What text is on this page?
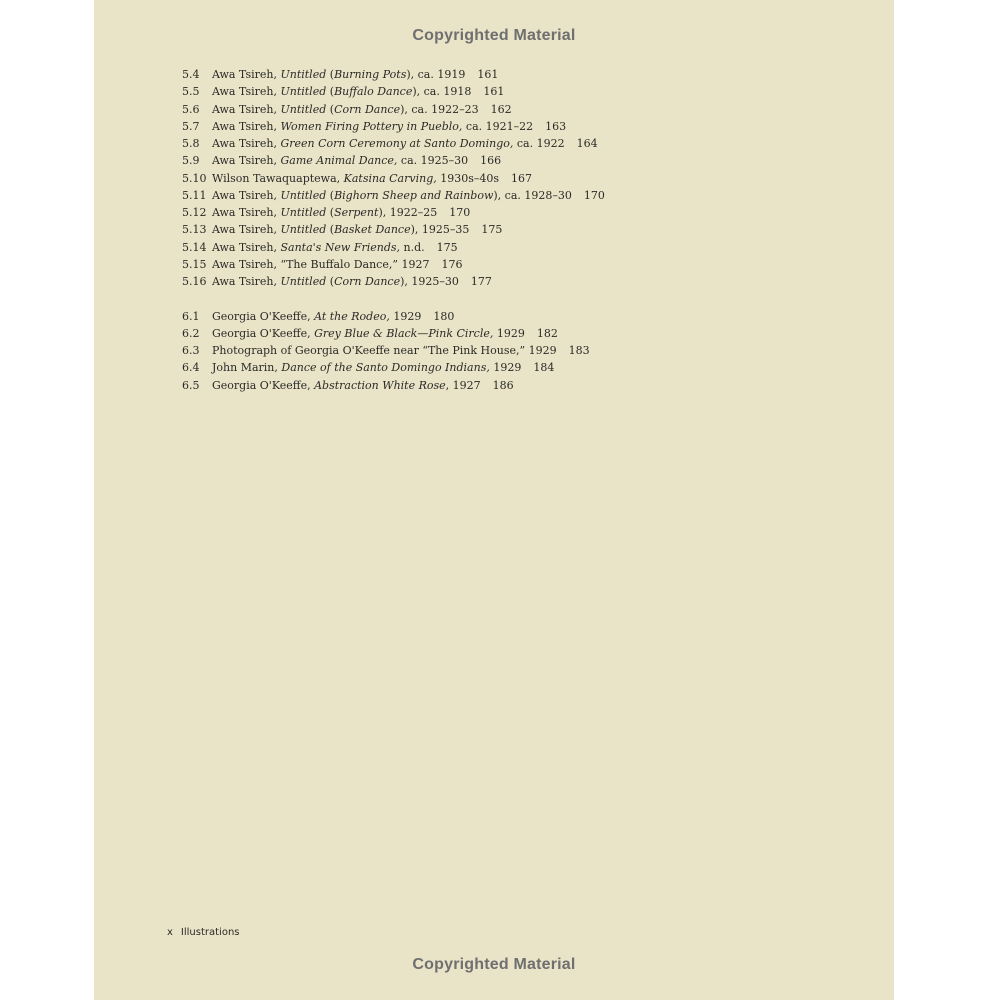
Copyrighted Material
5.4	Awa Tsireh, Untitled (Burning Pots), ca. 1919 161
5.5	Awa Tsireh, Untitled (Buffalo Dance), ca. 1918 161
5.6	Awa Tsireh, Untitled (Corn Dance), ca. 1922–23 162
5.7	Awa Tsireh, Women Firing Pottery in Pueblo, ca. 1921–22 163
5.8	Awa Tsireh, Green Corn Ceremony at Santo Domingo, ca. 1922 164
5.9	Awa Tsireh, Game Animal Dance, ca. 1925–30 166
5.10 Wilson Tawaquaptewa, Katsina Carving, 1930s–40s 167
5.11 Awa Tsireh, Untitled (Bighorn Sheep and Rainbow), ca. 1928–30 170
5.12 Awa Tsireh, Untitled (Serpent), 1922–25 170
5.13 Awa Tsireh, Untitled (Basket Dance), 1925–35 175
5.14 Awa Tsireh, Santa's New Friends, n.d. 175
5.15 Awa Tsireh, “The Buffalo Dance,” 1927 176
5.16 Awa Tsireh, Untitled (Corn Dance), 1925–30 177
6.1	Georgia O'Keeffe, At the Rodeo, 1929 180
6.2	Georgia O'Keeffe, Grey Blue & Black—Pink Circle, 1929 182
6.3	Photograph of Georgia O'Keeffe near “The Pink House,” 1929 183
6.4	John Marin, Dance of the Santo Domingo Indians, 1929 184
6.5	Georgia O'Keeffe, Abstraction White Rose, 1927 186
x Illustrations
Copyrighted Material
